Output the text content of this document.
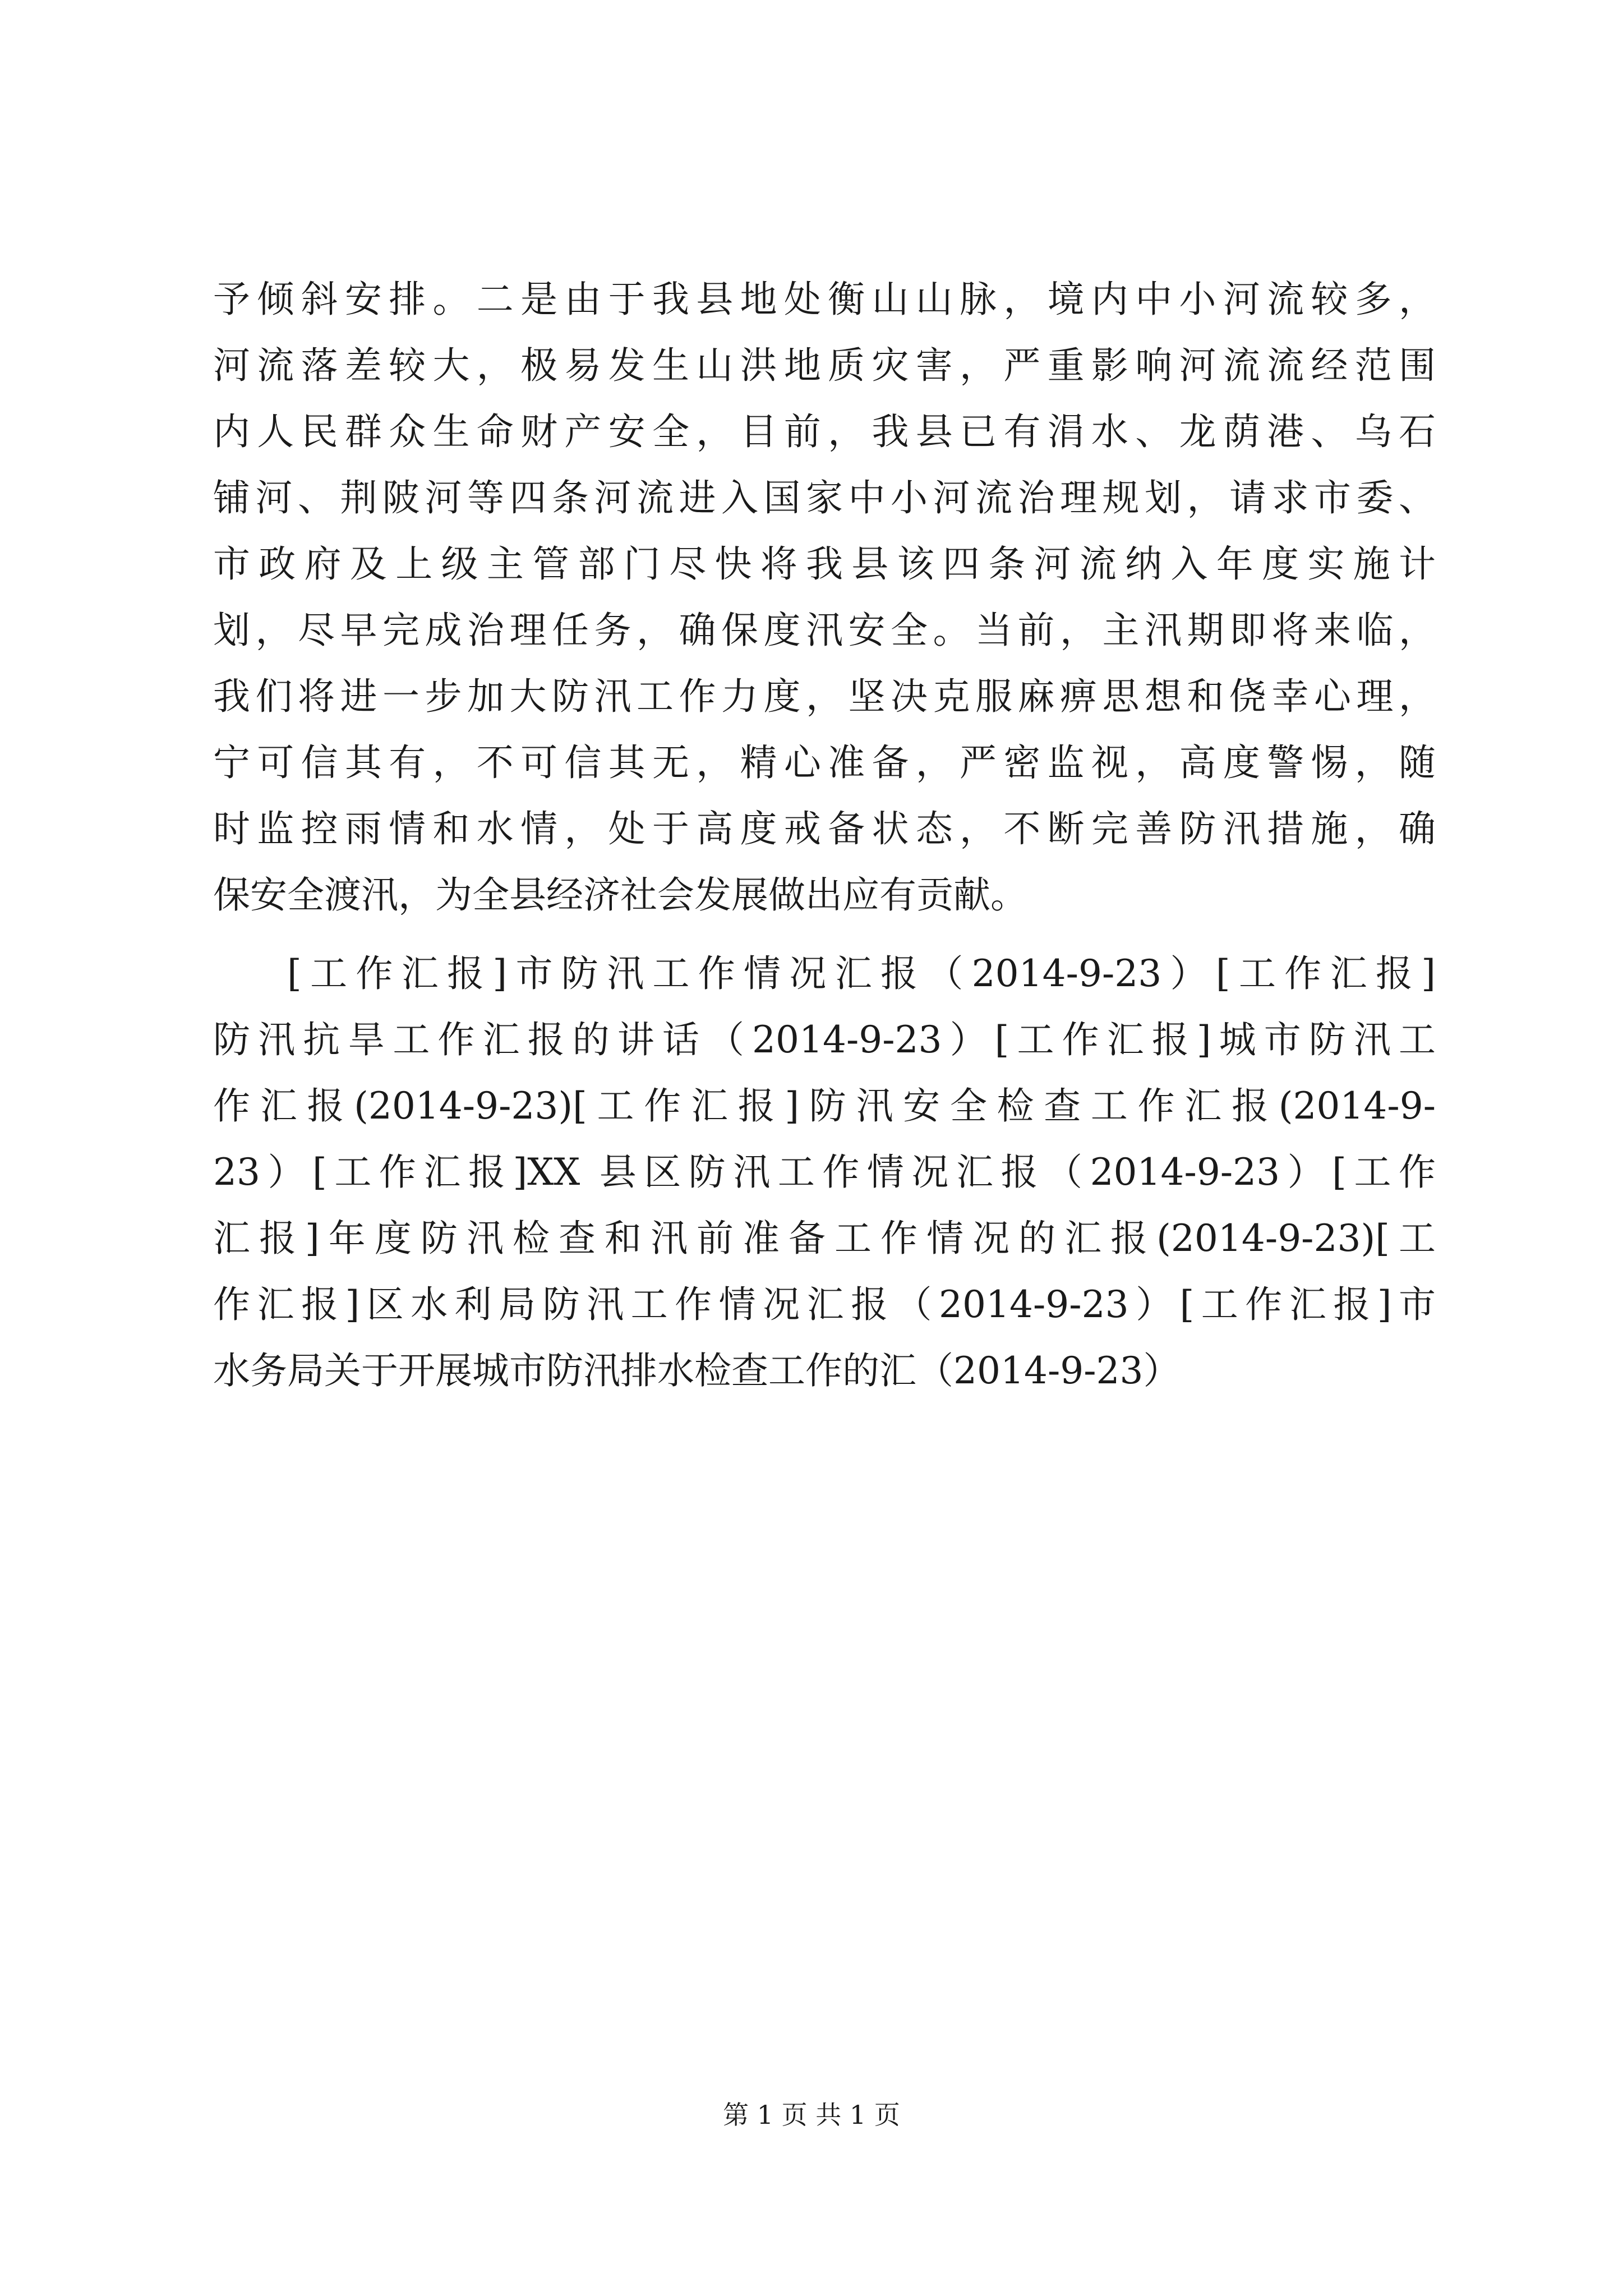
予倾斜安排。二是由于我县地处衡山山脉，境内中小河流较多，
河流落差较大，极易发生山洪地质灾害，严重影响河流流经范围
内人民群众生命财产安全，目前，我县已有涓水、龙荫港、乌石
铺河、荆陂河等四条河流进入国家中小河流治理规划，请求市委、
市政府及上级主管部门尽快将我县该四条河流纳入年度实施计
划，尽早完成治理任务，确保度汛安全。当前，主汛期即将来临，
我们将进一步加大防汛工作力度，坚决克服麻痹思想和侥幸心理，
宁可信其有，不可信其无，精心准备，严密监视，高度警惕，随
时监控雨情和水情，处于高度戒备状态，不断完善防汛措施，确
保安全渡汛，为全县经济社会发展做出应有贡献。
[工作汇报]市防汛工作情况汇报（2014-9-23）[工作汇报]
防汛抗旱工作汇报的讲话（2014-9-23）[工作汇报]城市防汛工
作汇报(2014-9-23)[工作汇报]防汛安全检查工作汇报(2014-9-
23）[工作汇报]XX 县区防汛工作情况汇报（2014-9-23）[工作
汇报]年度防汛检查和汛前准备工作情况的汇报(2014-9-23)[工
作汇报]区水利局防汛工作情况汇报（2014-9-23）[工作汇报]市
水务局关于开展城市防汛排水检查工作的汇（2014-9-23）
第 1 页 共 1 页
